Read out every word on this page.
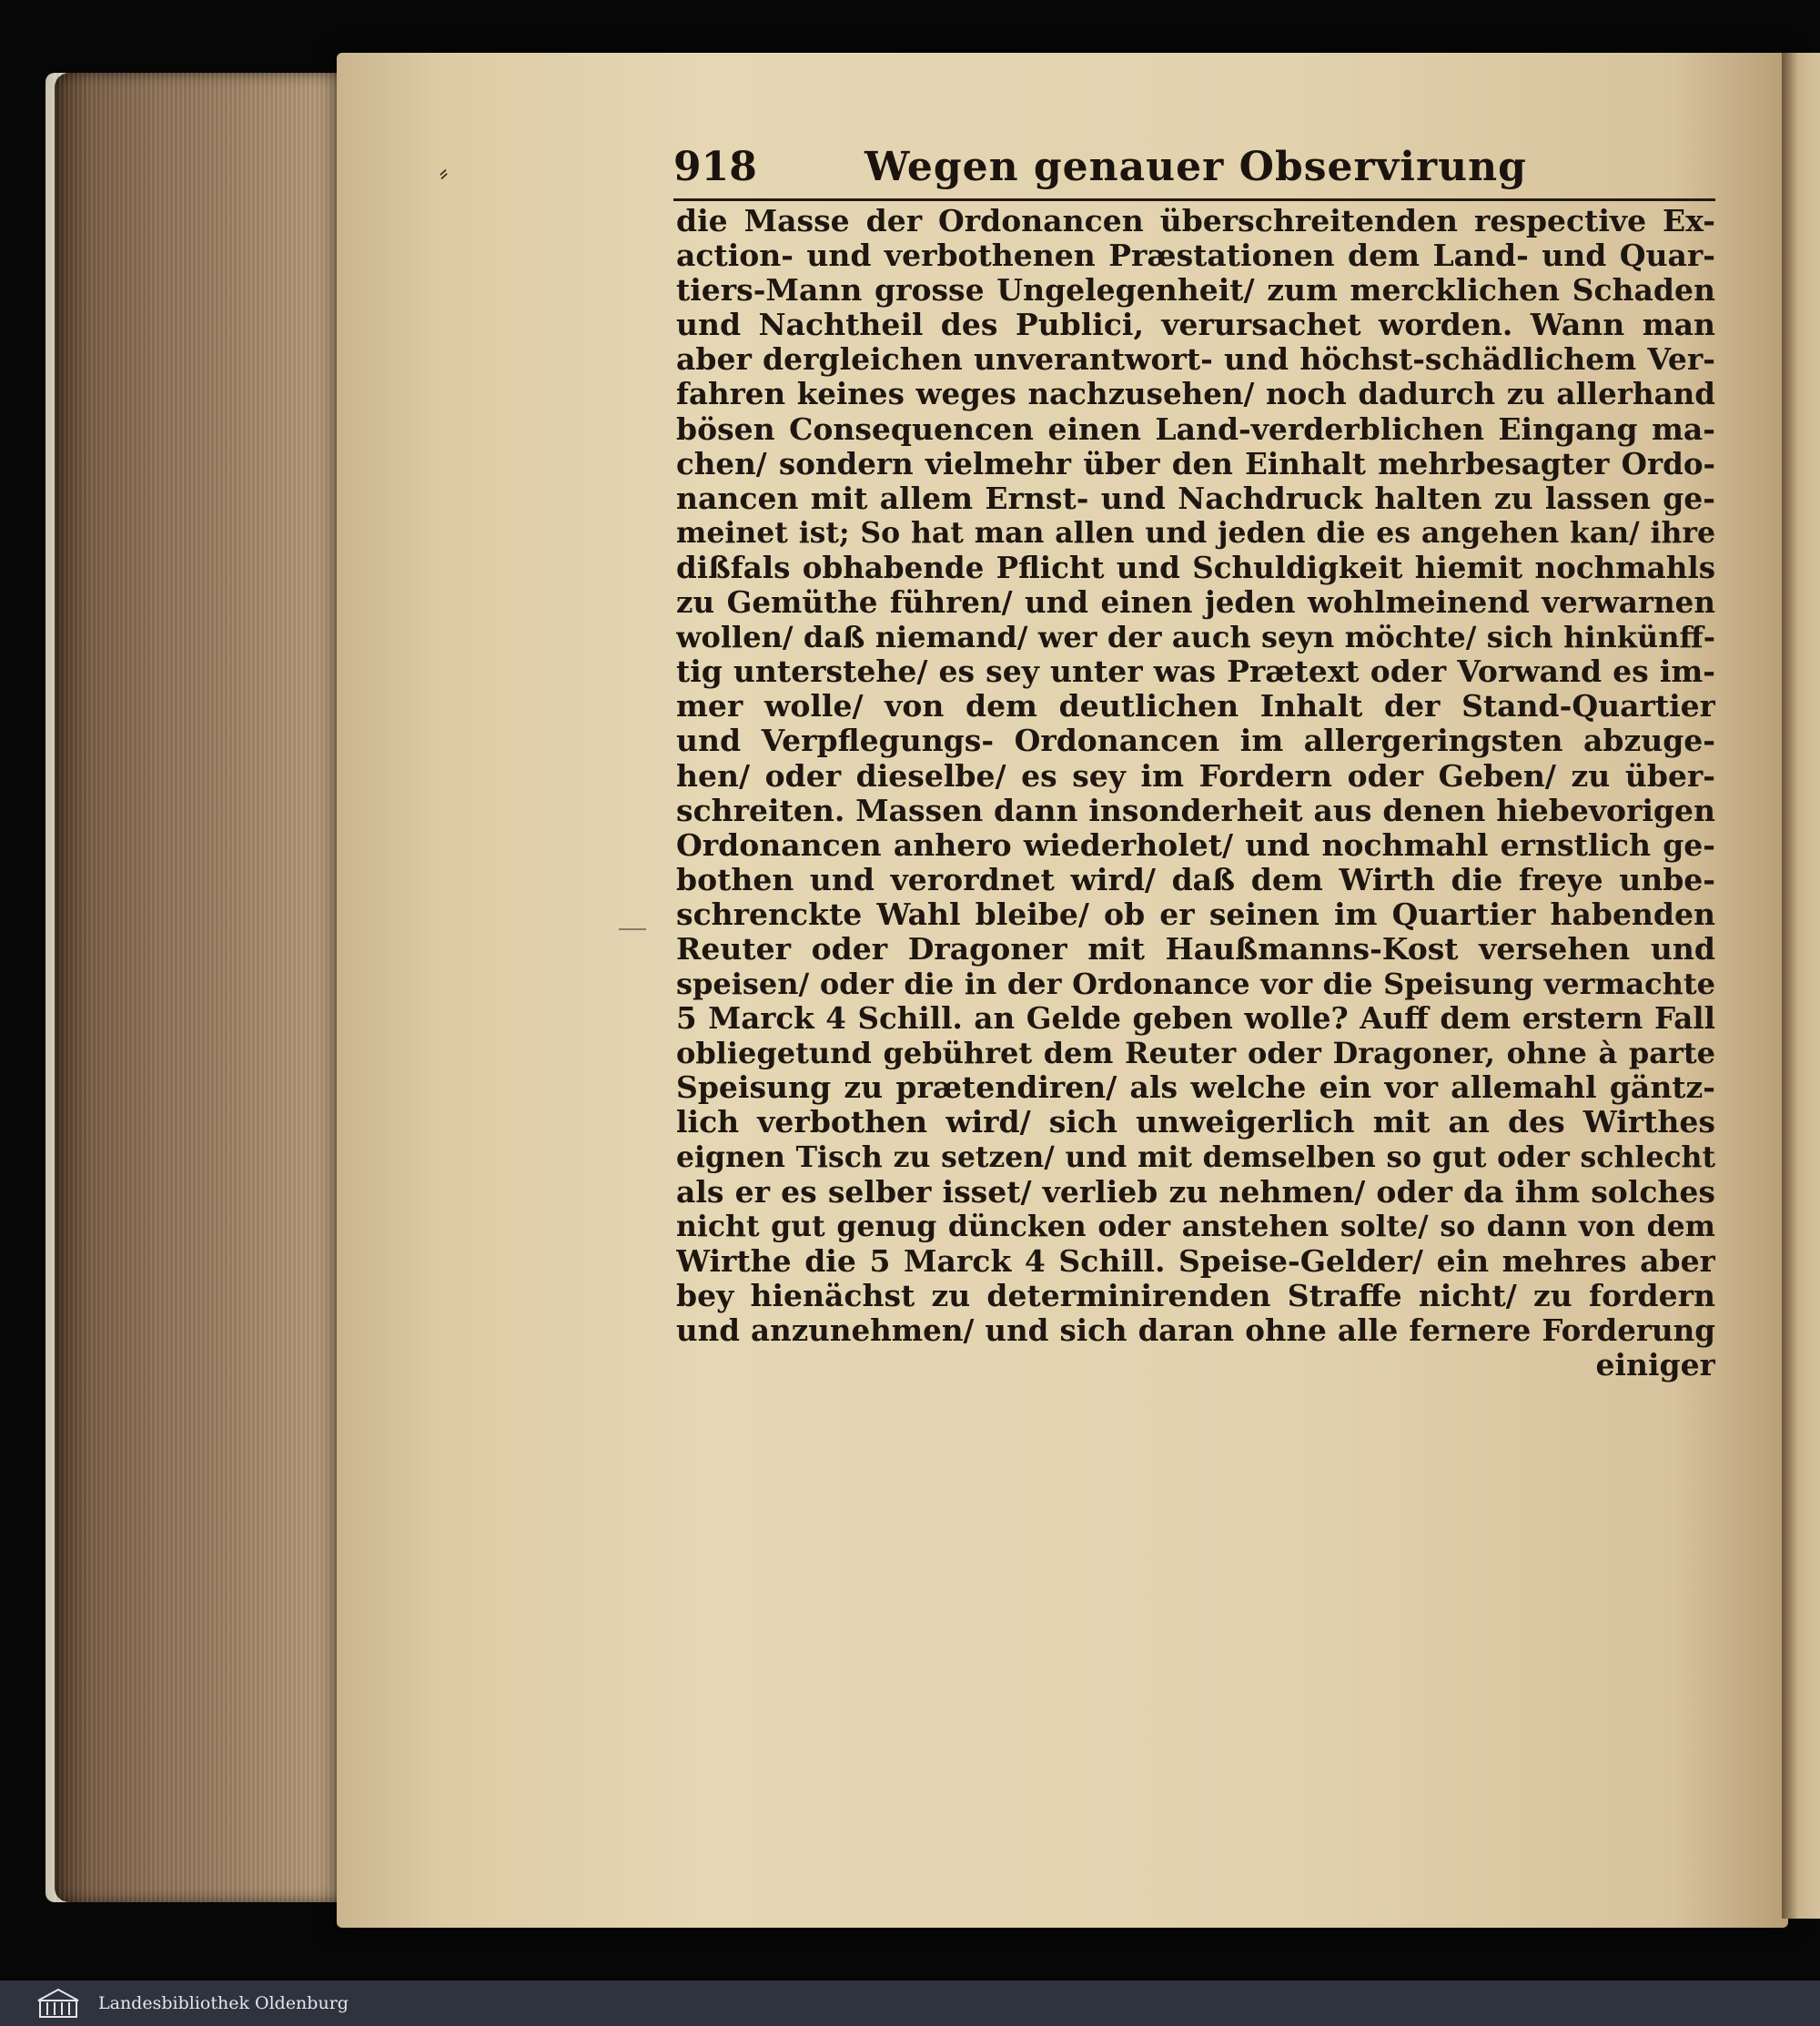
⸗	918	Wegen genauer Observirung
die Masse der Ordonancen überschreitenden respective Ex-
action- und verbothenen Præstationen dem Land- und Quar-
tiers-Mann grosse Ungelegenheit/ zum mercklichen Schaden
und Nachtheil des Publici, verursachet worden. Wann man
aber dergleichen unverantwort- und höchst-schädlichem Ver-
fahren keines weges nachzusehen/ noch dadurch zu allerhand
bösen Consequencen einen Land-verderblichen Eingang ma-
chen/ sondern vielmehr über den Einhalt mehrbesagter Ordo-
nancen mit allem Ernst- und Nachdruck halten zu lassen ge-
meinet ist; So hat man allen und jeden die es angehen kan/ ihre
dißfals obhabende Pflicht und Schuldigkeit hiemit nochmahls
zu Gemüthe führen/ und einen jeden wohlmeinend verwarnen
wollen/ daß niemand/ wer der auch seyn möchte/ sich hinkünff-
tig unterstehe/ es sey unter was Prætext oder Vorwand es im-
mer wolle/ von dem deutlichen Inhalt der Stand-Quartier
und Verpflegungs- Ordonancen im allergeringsten abzuge-
hen/ oder dieselbe/ es sey im Fordern oder Geben/ zu über-
schreiten. Massen dann insonderheit aus denen hiebevorigen
Ordonancen anhero wiederholet/ und nochmahl ernstlich ge-
bothen und verordnet wird/ daß dem Wirth die freye unbe-
schrenckte Wahl bleibe/ ob er seinen im Quartier habenden
Reuter oder Dragoner mit Haußmanns-Kost versehen und
speisen/ oder die in der Ordonance vor die Speisung vermachte
5 Marck 4 Schill. an Gelde geben wolle? Auff dem erstern Fall
obliegetund gebühret dem Reuter oder Dragoner, ohne à parte
Speisung zu prætendiren/ als welche ein vor allemahl gäntz-
lich verbothen wird/ sich unweigerlich mit an des Wirthes
eignen Tisch zu setzen/ und mit demselben so gut oder schlecht
als er es selber isset/ verlieb zu nehmen/ oder da ihm solches
nicht gut genug düncken oder anstehen solte/ so dann von dem
Wirthe die 5 Marck 4 Schill. Speise-Gelder/ ein mehres aber
bey hienächst zu determinirenden Straffe nicht/ zu fordern
und anzunehmen/ und sich daran ohne alle fernere Forderung
einiger
Landesbibliothek Oldenburg
